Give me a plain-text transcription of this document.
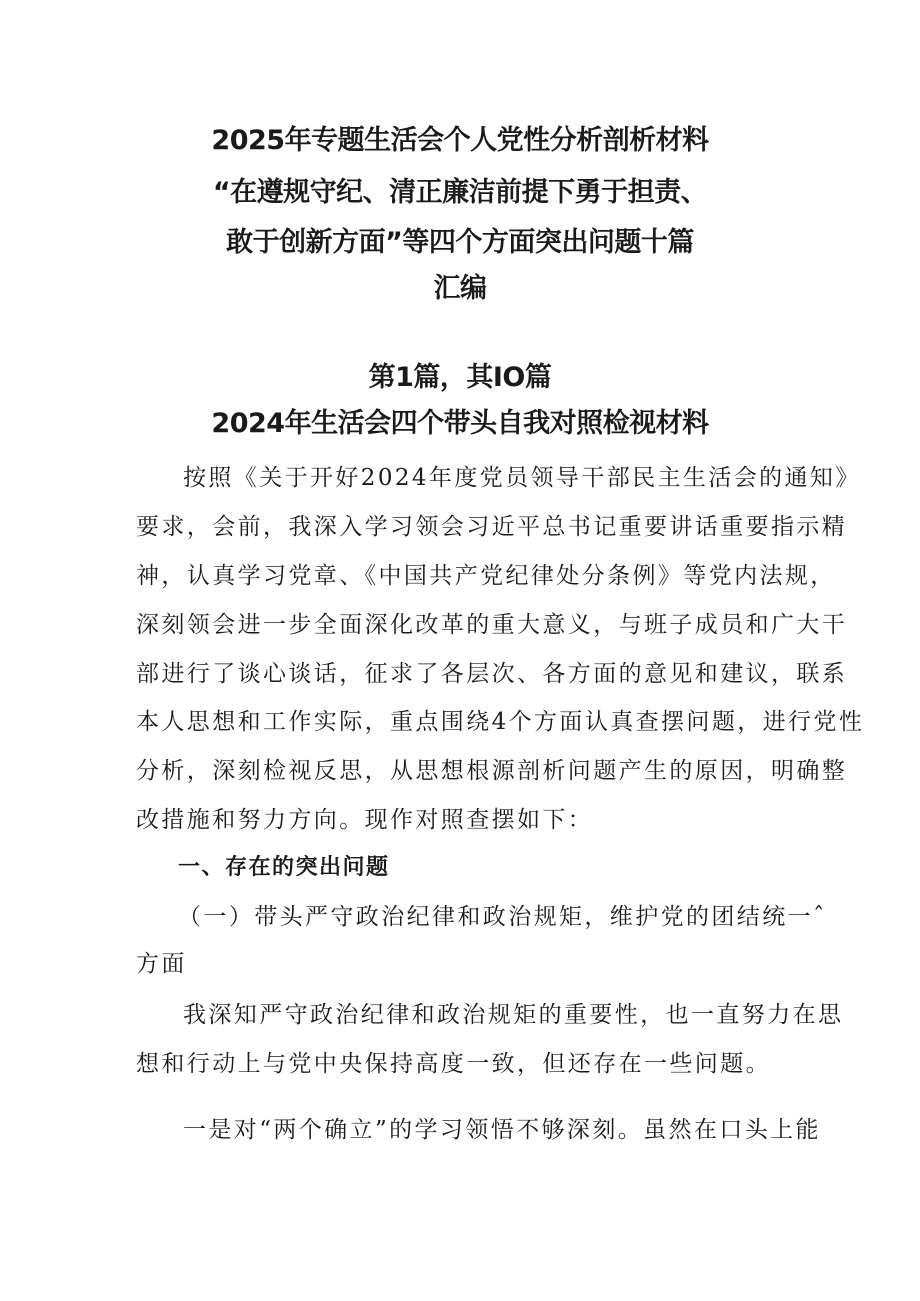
2025年专题生活会个人党性分析剖析材料
“在遵规守纪、清正廉洁前提下勇于担责、
敢于创新方面”等四个方面突出问题十篇
汇编
第1篇，其IO篇
2024年生活会四个带头自我对照检视材料
按照《关于开好2024年度党员领导干部民主生活会的通知》
要求，会前，我深入学习领会习近平总书记重要讲话重要指示精
神，认真学习党章、《中国共产党纪律处分条例》等党内法规，
深刻领会进一步全面深化改革的重大意义，与班子成员和广大干
部进行了谈心谈话，征求了各层次、各方面的意见和建议，联系
本人思想和工作实际，重点围绕4个方面认真查摆问题，进行党性
分析，深刻检视反思，从思想根源剖析问题产生的原因，明确整
改措施和努力方向。现作对照查摆如下：
一、存在的突出问题
（一）带头严守政治纪律和政治规矩，维护党的团结统一ˆ
方面
我深知严守政治纪律和政治规矩的重要性，也一直努力在思
想和行动上与党中央保持高度一致，但还存在一些问题。
一是对“两个确立”的学习领悟不够深刻。虽然在口头上能
